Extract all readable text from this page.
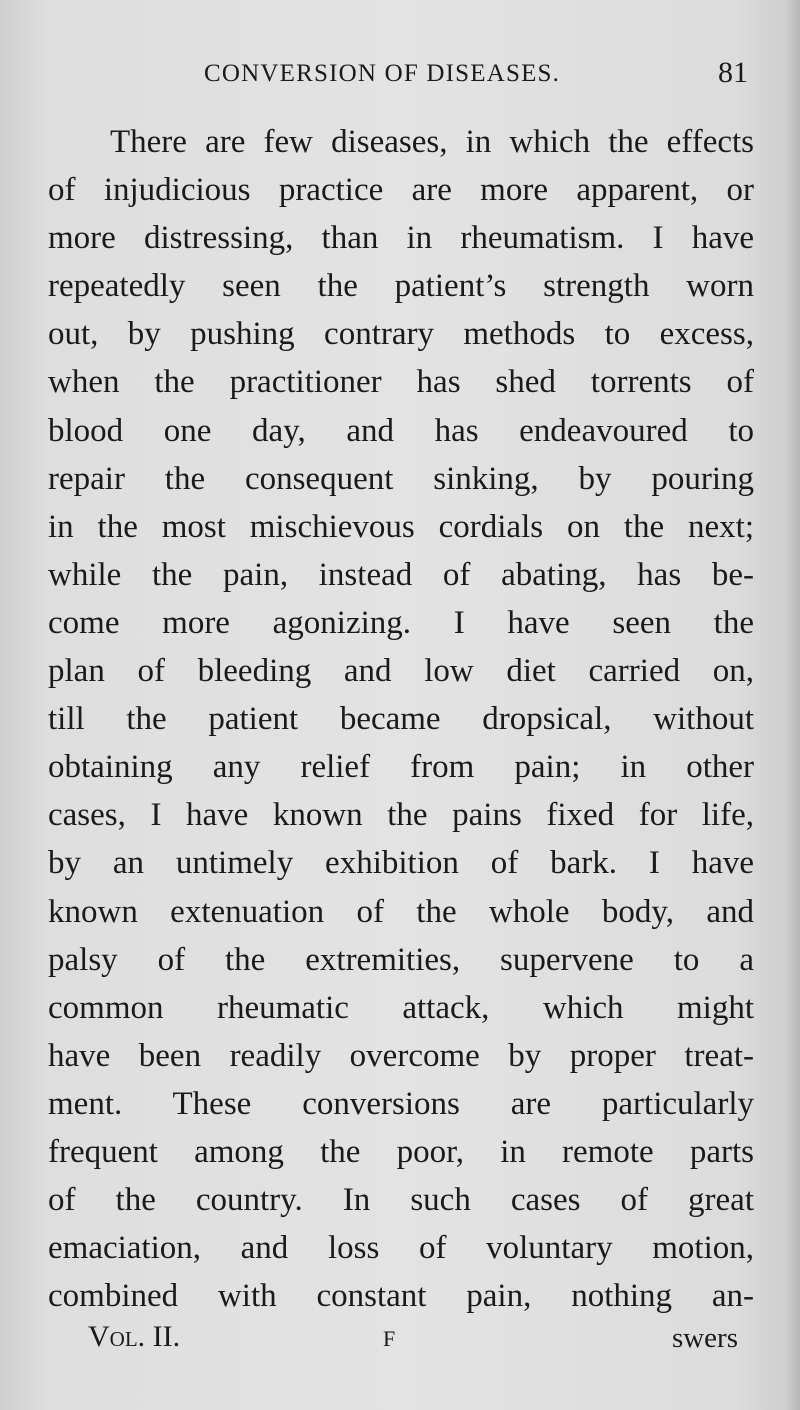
CONVERSION OF DISEASES.	81
There are few diseases, in which the effects
of injudicious practice are more apparent, or
more distressing, than in rheumatism. I have
repeatedly seen the patient’s strength worn
out, by pushing contrary methods to excess,
when the practitioner has shed torrents of
blood one day, and has endeavoured to
repair the consequent sinking, by pouring
in the most mischievous cordials on the next;
while the pain, instead of abating, has be-
come more agonizing. I have seen the
plan of bleeding and low diet carried on,
till the patient became dropsical, without
obtaining any relief from pain; in other
cases, I have known the pains fixed for life,
by an untimely exhibition of bark. I have
known extenuation of the whole body, and
palsy of the extremities, supervene to a
common rheumatic attack, which might
have been readily overcome by proper treat-
ment. These conversions are particularly
frequent among the poor, in remote parts
of the country. In such cases of great
emaciation, and loss of voluntary motion,
combined with constant pain, nothing an-
Vol. II.	F	swers
